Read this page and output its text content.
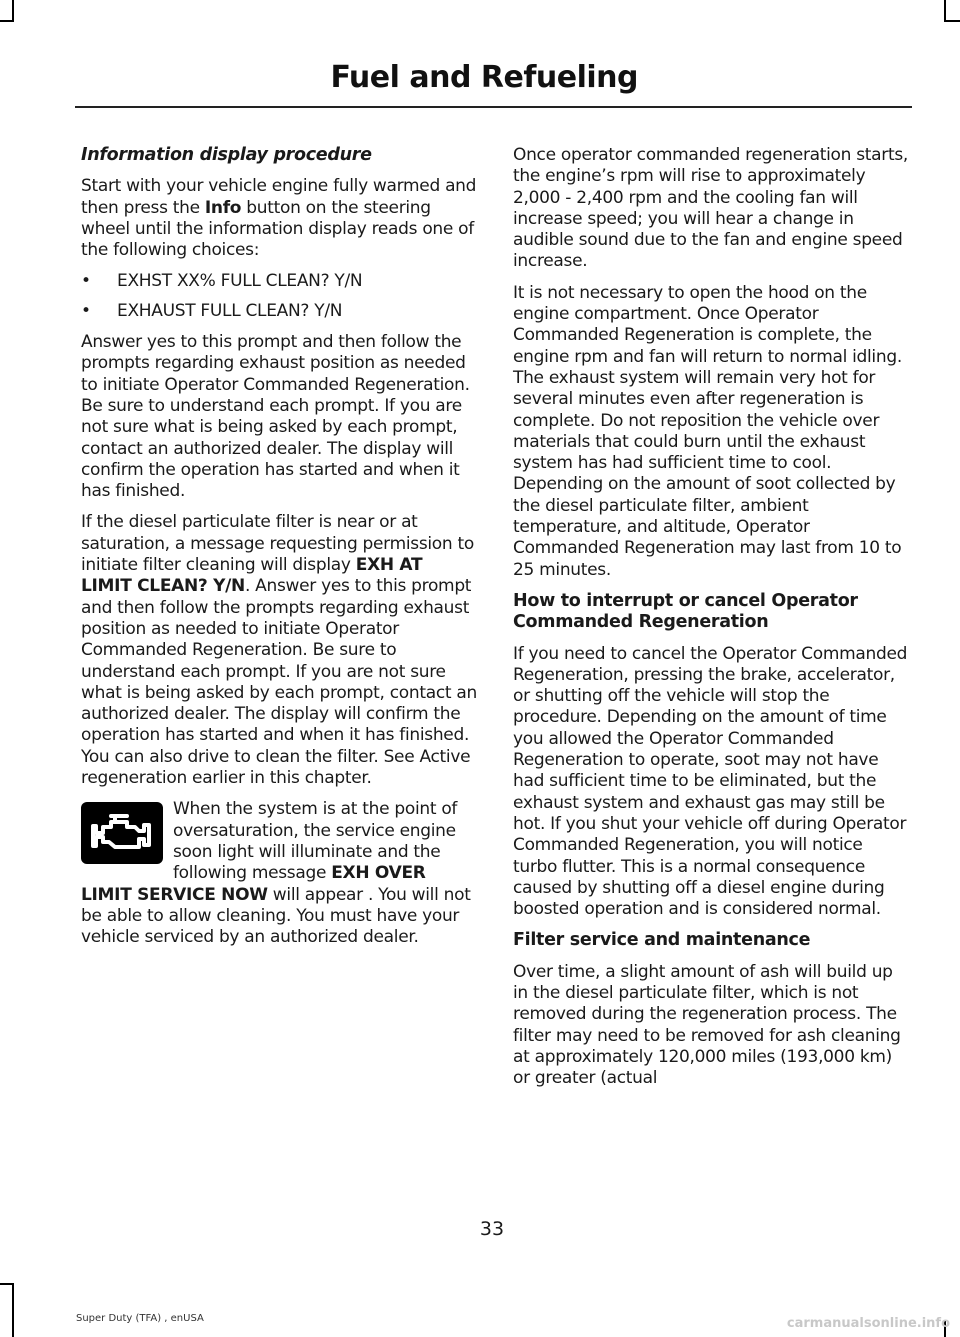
Fuel and Refueling
Information display procedure

Start with your vehicle engine fully warmed and then press the Info button on the steering wheel until the information display reads one of the following choices:

• EXHST XX% FULL CLEAN? Y/N
• EXHAUST FULL CLEAN? Y/N

Answer yes to this prompt and then follow the prompts regarding exhaust position as needed to initiate Operator Commanded Regeneration. Be sure to understand each prompt. If you are not sure what is being asked by each prompt, contact an authorized dealer. The display will confirm the operation has started and when it has finished.

If the diesel particulate filter is near or at saturation, a message requesting permission to initiate filter cleaning will display EXH AT LIMIT CLEAN? Y/N. Answer yes to this prompt and then follow the prompts regarding exhaust position as needed to initiate Operator Commanded Regeneration. Be sure to understand each prompt. If you are not sure what is being asked by each prompt, contact an authorized dealer. The display will confirm the operation has started and when it has finished. You can also drive to clean the filter. See Active regeneration earlier in this chapter.

When the system is at the point of oversaturation, the service engine soon light will illuminate and the following message EXH OVER LIMIT SERVICE NOW will appear . You will not be able to allow cleaning. You must have your vehicle serviced by an authorized dealer.

Once operator commanded regeneration starts, the engine’s rpm will rise to approximately 2,000 - 2,400 rpm and the cooling fan will increase speed; you will hear a change in audible sound due to the fan and engine speed increase.

It is not necessary to open the hood on the engine compartment. Once Operator Commanded Regeneration is complete, the engine rpm and fan will return to normal idling. The exhaust system will remain very hot for several minutes even after regeneration is complete. Do not reposition the vehicle over materials that could burn until the exhaust system has had sufficient time to cool. Depending on the amount of soot collected by the diesel particulate filter, ambient temperature, and altitude, Operator Commanded Regeneration may last from 10 to 25 minutes.

How to interrupt or cancel Operator Commanded Regeneration

If you need to cancel the Operator Commanded Regeneration, pressing the brake, accelerator, or shutting off the vehicle will stop the procedure. Depending on the amount of time you allowed the Operator Commanded Regeneration to operate, soot may not have had sufficient time to be eliminated, but the exhaust system and exhaust gas may still be hot. If you shut your vehicle off during Operator Commanded Regeneration, you will notice turbo flutter. This is a normal consequence caused by shutting off a diesel engine during boosted operation and is considered normal.

Filter service and maintenance

Over time, a slight amount of ash will build up in the diesel particulate filter, which is not removed during the regeneration process. The filter may need to be removed for ash cleaning at approximately 120,000 miles (193,000 km) or greater (actual

33
Super Duty (TFA) , enUSA	carmanualsonline.info
